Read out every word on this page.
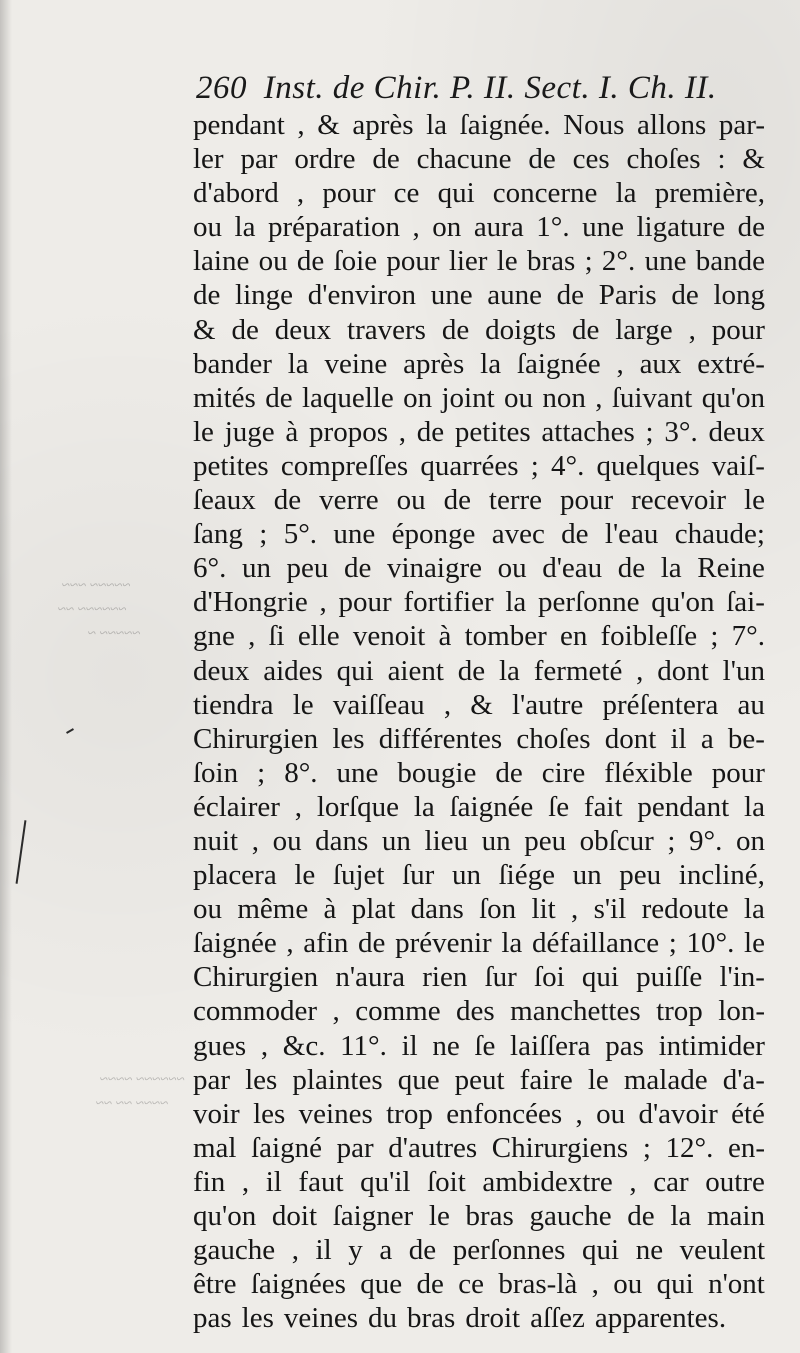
~~~~~ ~~~
~~~~~~ ~~
~~~~~ ~
~~~~~~ ~~~~
~~~~ ~~ ~~
260 Inst. de Chir. P. II. Sect. I. Ch. II.
pendant , & après la ſaignée. Nous allons par-
ler par ordre de chacune de ces choſes : &
d'abord , pour ce qui concerne la première,
ou la préparation , on aura 1°. une ligature de
laine ou de ſoie pour lier le bras ; 2°. une bande
de linge d'environ une aune de Paris de long
& de deux travers de doigts de large , pour
bander la veine après la ſaignée , aux extré-
mités de laquelle on joint ou non , ſuivant qu'on
le juge à propos , de petites attaches ; 3°. deux
petites compreſſes quarrées ; 4°. quelques vaiſ-
ſeaux de verre ou de terre pour recevoir le
ſang ; 5°. une éponge avec de l'eau chaude;
6°. un peu de vinaigre ou d'eau de la Reine
d'Hongrie , pour fortifier la perſonne qu'on ſai-
gne , ſi elle venoit à tomber en foibleſſe ; 7°.
deux aides qui aient de la fermeté , dont l'un
tiendra le vaiſſeau , & l'autre préſentera au
Chirurgien les différentes choſes dont il a be-
ſoin ; 8°. une bougie de cire fléxible pour
éclairer , lorſque la ſaignée ſe fait pendant la
nuit , ou dans un lieu un peu obſcur ; 9°. on
placera le ſujet ſur un ſiége un peu incliné,
ou même à plat dans ſon lit , s'il redoute la
ſaignée , afin de prévenir la défaillance ; 10°. le
Chirurgien n'aura rien ſur ſoi qui puiſſe l'in-
commoder , comme des manchettes trop lon-
gues , &c. 11°. il ne ſe laiſſera pas intimider
par les plaintes que peut faire le malade d'a-
voir les veines trop enfoncées , ou d'avoir été
mal ſaigné par d'autres Chirurgiens ; 12°. en-
fin , il faut qu'il ſoit ambidextre , car outre
qu'on doit ſaigner le bras gauche de la main
gauche , il y a de perſonnes qui ne veulent
être ſaignées que de ce bras-là , ou qui n'ont
pas les veines du bras droit aſſez apparentes.
